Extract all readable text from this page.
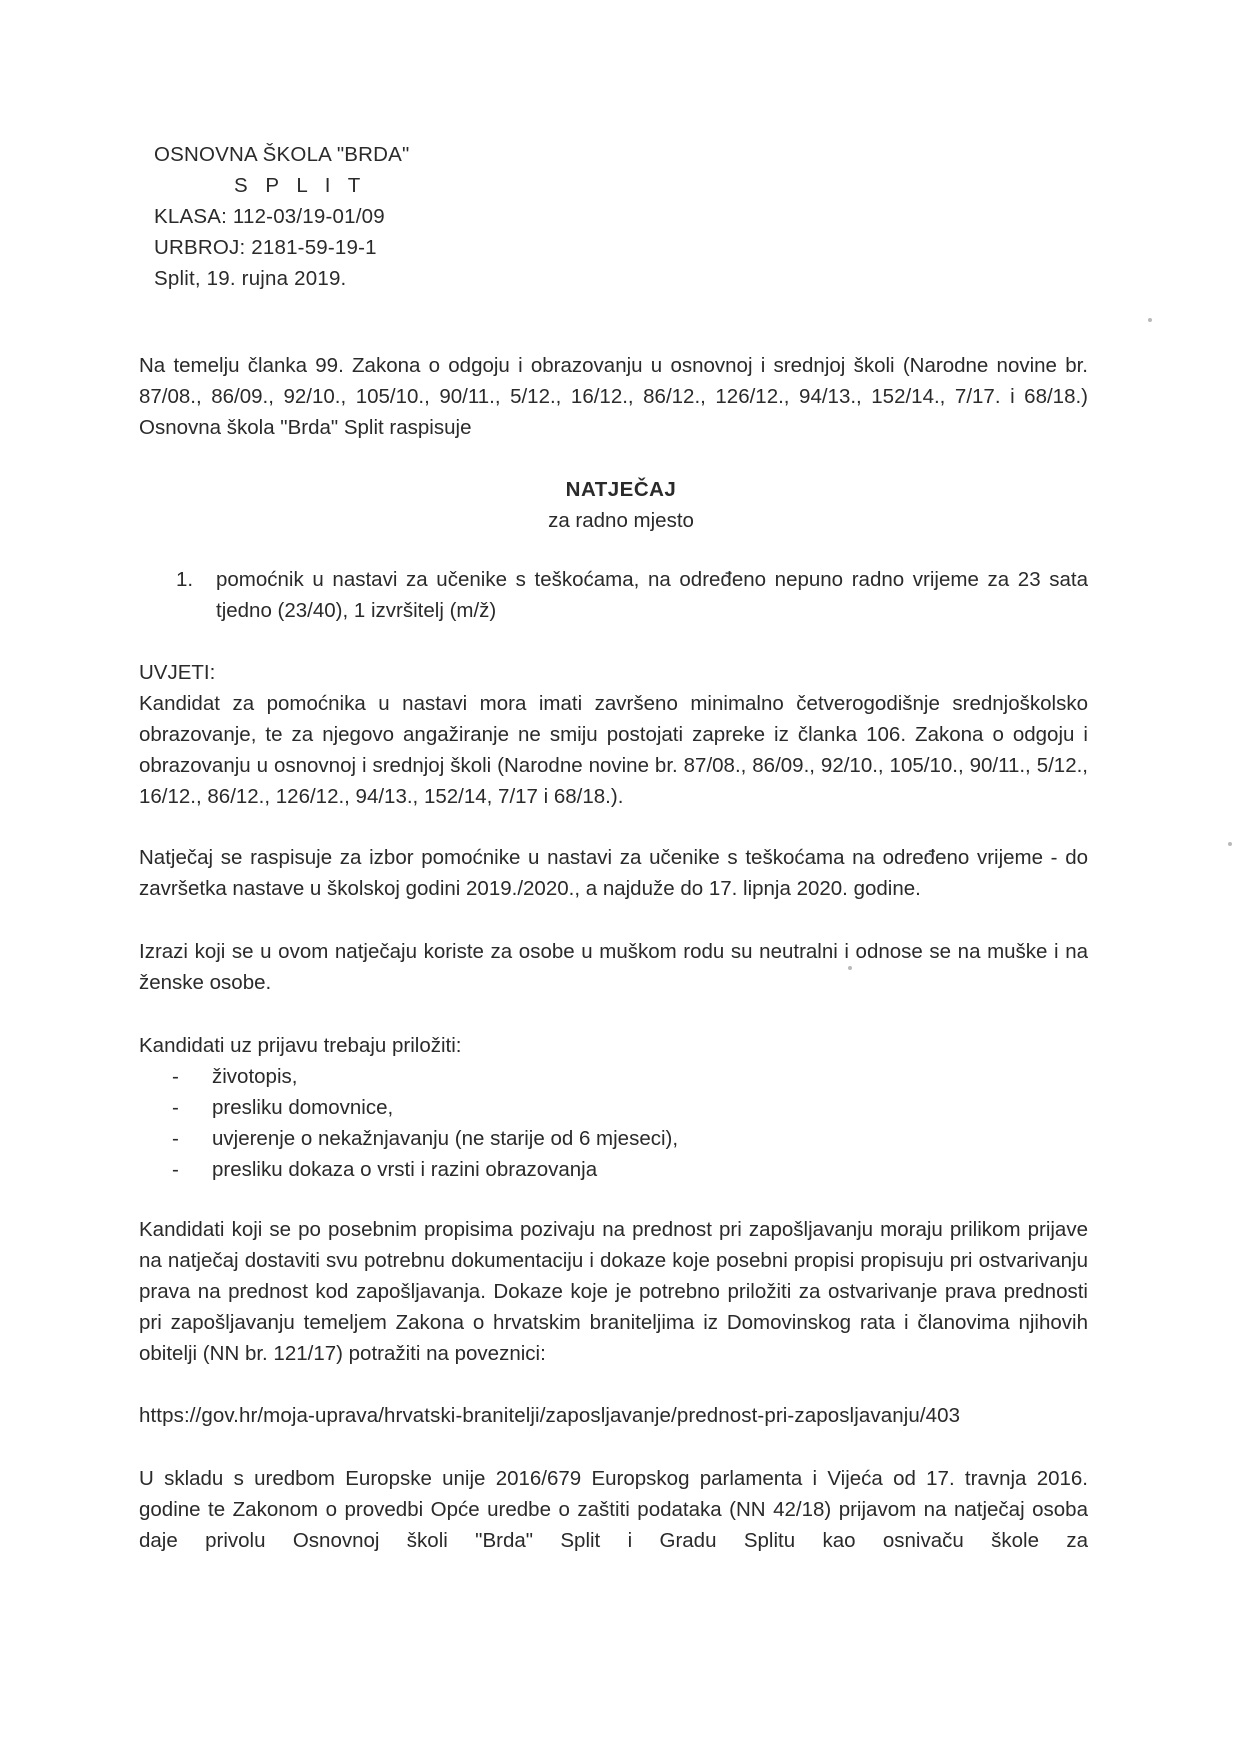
OSNOVNA ŠKOLA "BRDA"
S P L I T
KLASA: 112-03/19-01/09
URBROJ: 2181-59-19-1
Split, 19. rujna 2019.

Na temelju članka 99. Zakona o odgoju i obrazovanju u osnovnoj i srednjoj školi (Narodne novine br. 87/08., 86/09., 92/10., 105/10., 90/11., 5/12., 16/12., 86/12., 126/12., 94/13., 152/14., 7/17. i 68/18.) Osnovna škola "Brda" Split raspisuje

NATJEČAJ
za radno mjesto
1. pomoćnik u nastavi za učenike s teškoćama, na određeno nepuno radno vrijeme za 23 sata tjedno (23/40), 1 izvršitelj (m/ž)
UVJETI:

Kandidat za pomoćnika u nastavi mora imati završeno minimalno četverogodišnje srednjoškolsko obrazovanje, te za njegovo angažiranje ne smiju postojati zapreke iz članka 106. Zakona o odgoju i obrazovanju u osnovnoj i srednjoj školi (Narodne novine br. 87/08., 86/09., 92/10., 105/10., 90/11., 5/12., 16/12., 86/12., 126/12., 94/13., 152/14, 7/17 i 68/18.).

Natječaj se raspisuje za izbor pomoćnike u nastavi za učenike s teškoćama na određeno vrijeme - do završetka nastave u školskoj godini 2019./2020., a najduže do 17. lipnja 2020. godine.

Izrazi koji se u ovom natječaju koriste za osobe u muškom rodu su neutralni i odnose se na muške i na ženske osobe.

Kandidati uz prijavu trebaju priložiti:
- životopis,
- presliku domovnice,
- uvjerenje o nekažnjavanju (ne starije od 6 mjeseci),
- presliku dokaza o vrsti i razini obrazovanja

Kandidati koji se po posebnim propisima pozivaju na prednost pri zapošljavanju moraju prilikom prijave na natječaj dostaviti svu potrebnu dokumentaciju i dokaze koje posebni propisi propisuju pri ostvarivanju prava na prednost kod zapošljavanja. Dokaze koje je potrebno priložiti za ostvarivanje prava prednosti pri zapošljavanju temeljem Zakona o hrvatskim braniteljima iz Domovinskog rata i članovima njihovih obitelji (NN br. 121/17) potražiti na poveznici:

https://gov.hr/moja-uprava/hrvatski-branitelji/zaposljavanje/prednost-pri-zaposljavanju/403

U skladu s uredbom Europske unije 2016/679 Europskog parlamenta i Vijeća od 17. travnja 2016. godine te Zakonom o provedbi Opće uredbe o zaštiti podataka (NN 42/18) prijavom na natječaj osoba daje privolu Osnovnoj školi "Brda" Split i Gradu Splitu kao osnivaču škole za
